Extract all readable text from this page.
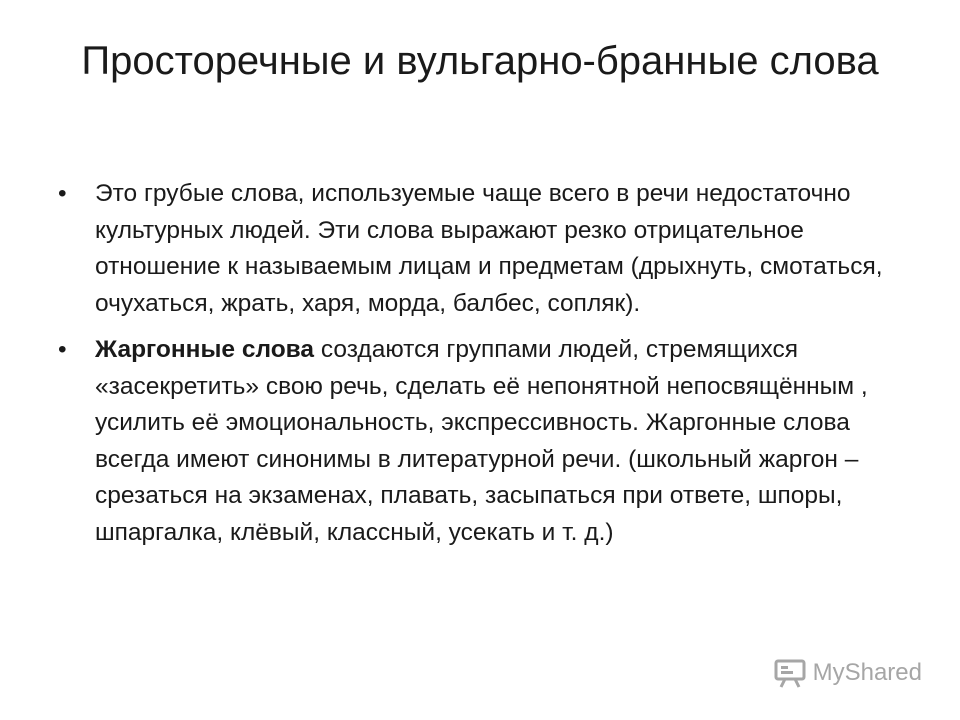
Просторечные и вульгарно-бранные слова
•	Это грубые слова, используемые чаще всего в речи недостаточно культурных людей. Эти слова выражают резко отрицательное отношение к называемым лицам и предметам (дрыхнуть, смотаться, очухаться, жрать, харя, морда, балбес, сопляк).
•	Жаргонные слова создаются группами людей, стремящихся «засекретить» свою речь, сделать её непонятной непосвящённым , усилить её эмоциональность, экспрессивность. Жаргонные слова всегда имеют синонимы в литературной речи. (школьный жаргон – срезаться на экзаменах, плавать, засыпаться при ответе, шпоры, шпаргалка, клёвый, классный, усекать и т. д.)
MyShared
